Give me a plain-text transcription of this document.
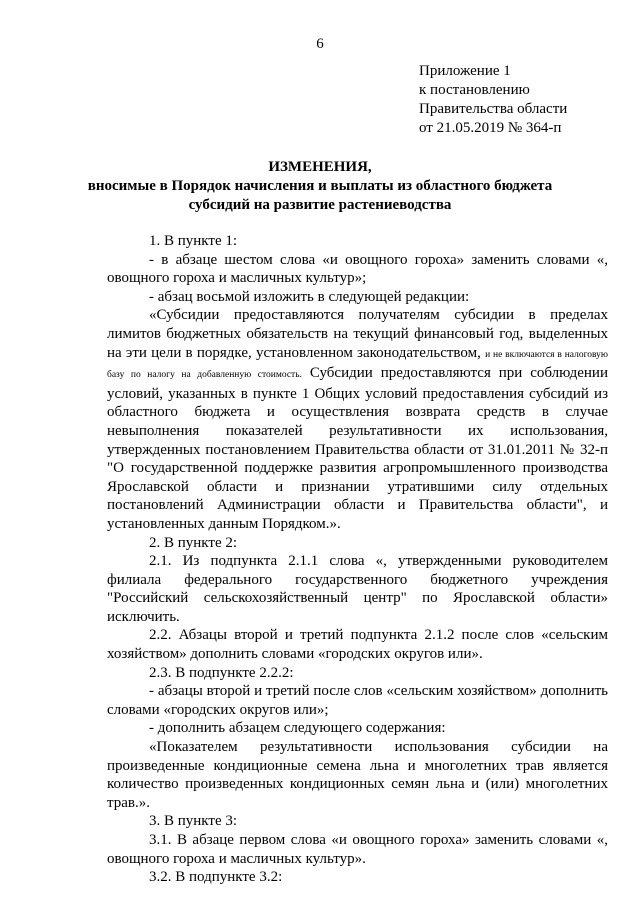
6
Приложение 1
к постановлению
Правительства области
от 21.05.2019 № 364-п
ИЗМЕНЕНИЯ,
вносимые в Порядок начисления и выплаты из областного бюджета
субсидий на развитие растениеводства

1. В пункте 1:

- в абзаце шестом слова «и овощного гороха» заменить словами «, овощного гороха и масличных культур»;

- абзац восьмой изложить в следующей редакции:

«Субсидии предоставляются получателям субсидии в пределах лимитов бюджетных обязательств на текущий финансовый год, выделенных на эти цели в порядке, установленном законодательством, и не включаются в налоговую базу по налогу на добавленную стоимость. Субсидии предоставляются при соблюдении условий, указанных в пункте 1 Общих условий предоставления субсидий из областного бюджета и осуществления возврата средств в случае невыполнения показателей результативности их использования, утвержденных постановлением Правительства области от 31.01.2011 № 32-п "О государственной поддержке развития агропромышленного производства Ярославской области и признании утратившими силу отдельных постановлений Администрации области и Правительства области", и установленных данным Порядком.».

2. В пункте 2:

2.1. Из подпункта 2.1.1 слова «, утвержденными руководителем филиала федерального государственного бюджетного учреждения "Российский сельскохозяйственный центр" по Ярославской области» исключить.

2.2. Абзацы второй и третий подпункта 2.1.2 после слов «сельским хозяйством» дополнить словами «городских округов или».

2.3. В подпункте 2.2.2:

- абзацы второй и третий после слов «сельским хозяйством» дополнить словами «городских округов или»;

- дополнить абзацем следующего содержания:

«Показателем результативности использования субсидии на произведенные кондиционные семена льна и многолетних трав является количество произведенных кондиционных семян льна и (или) многолетних трав.».

3. В пункте 3:

3.1. В абзаце первом слова «и овощного гороха» заменить словами «, овощного гороха и масличных культур».

3.2. В подпункте 3.2:
